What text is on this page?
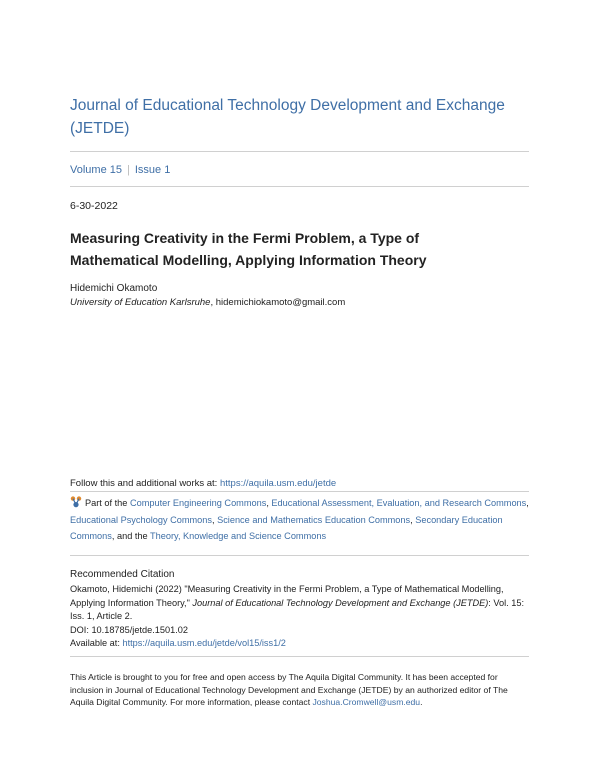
Journal of Educational Technology Development and Exchange (JETDE)
Volume 15 | Issue 1
6-30-2022
Measuring Creativity in the Fermi Problem, a Type of Mathematical Modelling, Applying Information Theory
Hidemichi Okamoto
University of Education Karlsruhe, hidemichiokamoto@gmail.com
Follow this and additional works at: https://aquila.usm.edu/jetde
Part of the Computer Engineering Commons, Educational Assessment, Evaluation, and Research Commons, Educational Psychology Commons, Science and Mathematics Education Commons, Secondary Education Commons, and the Theory, Knowledge and Science Commons
Recommended Citation
Okamoto, Hidemichi (2022) "Measuring Creativity in the Fermi Problem, a Type of Mathematical Modelling, Applying Information Theory," Journal of Educational Technology Development and Exchange (JETDE): Vol. 15: Iss. 1, Article 2.
DOI: 10.18785/jetde.1501.02
Available at: https://aquila.usm.edu/jetde/vol15/iss1/2
This Article is brought to you for free and open access by The Aquila Digital Community. It has been accepted for inclusion in Journal of Educational Technology Development and Exchange (JETDE) by an authorized editor of The Aquila Digital Community. For more information, please contact Joshua.Cromwell@usm.edu.
